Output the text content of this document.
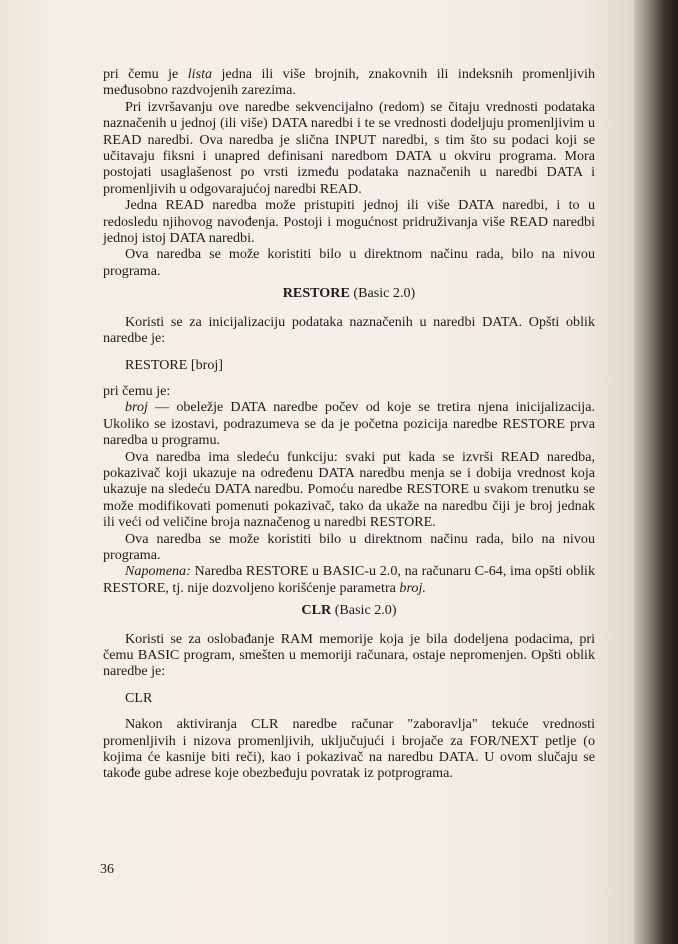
pri čemu je lista jedna ili više brojnih, znakovnih ili indeksnih promenljivih međusobno razdvojenih zarezima.

Pri izvršavanju ove naredbe sekvencijalno (redom) se čitaju vrednosti podataka naznačenih u jednoj (ili više) DATA naredbi i te se vrednosti dodeljuju promenljivim u READ naredbi. Ova naredba je slična INPUT naredbi, s tim što su podaci koji se učitavaju fiksni i unapred definisani naredbom DATA u okviru programa. Mora postojati usaglašenost po vrsti između podataka naznačenih u naredbi DATA i promenljivih u odgovarajućoj naredbi READ.

Jedna READ naredba može pristupiti jednoj ili više DATA naredbi, i to u redosledu njihovog navođenja. Postoji i mogućnost pridruživanja više READ naredbi jednoj istoj DATA naredbi.

Ova naredba se može koristiti bilo u direktnom načinu rada, bilo na nivou programa.

RESTORE (Basic 2.0)

Koristi se za inicijalizaciju podataka naznačenih u naredbi DATA. Opšti oblik naredbe je:

RESTORE [broj]

pri čemu je:

broj — obeležje DATA naredbe počev od koje se tretira njena inicijalizacija. Ukoliko se izostavi, podrazumeva se da je početna pozicija naredbe RESTORE prva naredba u programu.

Ova naredba ima sledeću funkciju: svaki put kada se izvrši READ naredba, pokazivač koji ukazuje na određenu DATA naredbu menja se i dobija vrednost koja ukazuje na sledeću DATA naredbu. Pomoću naredbe RESTORE u svakom trenutku se može modifikovati pomenuti pokazivač, tako da ukaže na naredbu čiji je broj jednak ili veći od veličine broja naznačenog u naredbi RESTORE.

Ova naredba se može koristiti bilo u direktnom načinu rada, bilo na nivou programa.

Napomena: Naredba RESTORE u BASIC-u 2.0, na računaru C-64, ima opšti oblik RESTORE, tj. nije dozvoljeno korišćenje parametra broj.

CLR (Basic 2.0)

Koristi se za oslobađanje RAM memorije koja je bila dodeljena podacima, pri čemu BASIC program, smešten u memoriji računara, ostaje nepromenjen. Opšti oblik naredbe je:

CLR

Nakon aktiviranja CLR naredbe računar "zaboravlja" tekuće vrednosti promenljivih i nizova promenljivih, uključujući i brojače za FOR/NEXT petlje (o kojima će kasnije biti reči), kao i pokazivač na naredbu DATA. U ovom slučaju se takođe gube adrese koje obezbeđuju povratak iz potprograma.

36
